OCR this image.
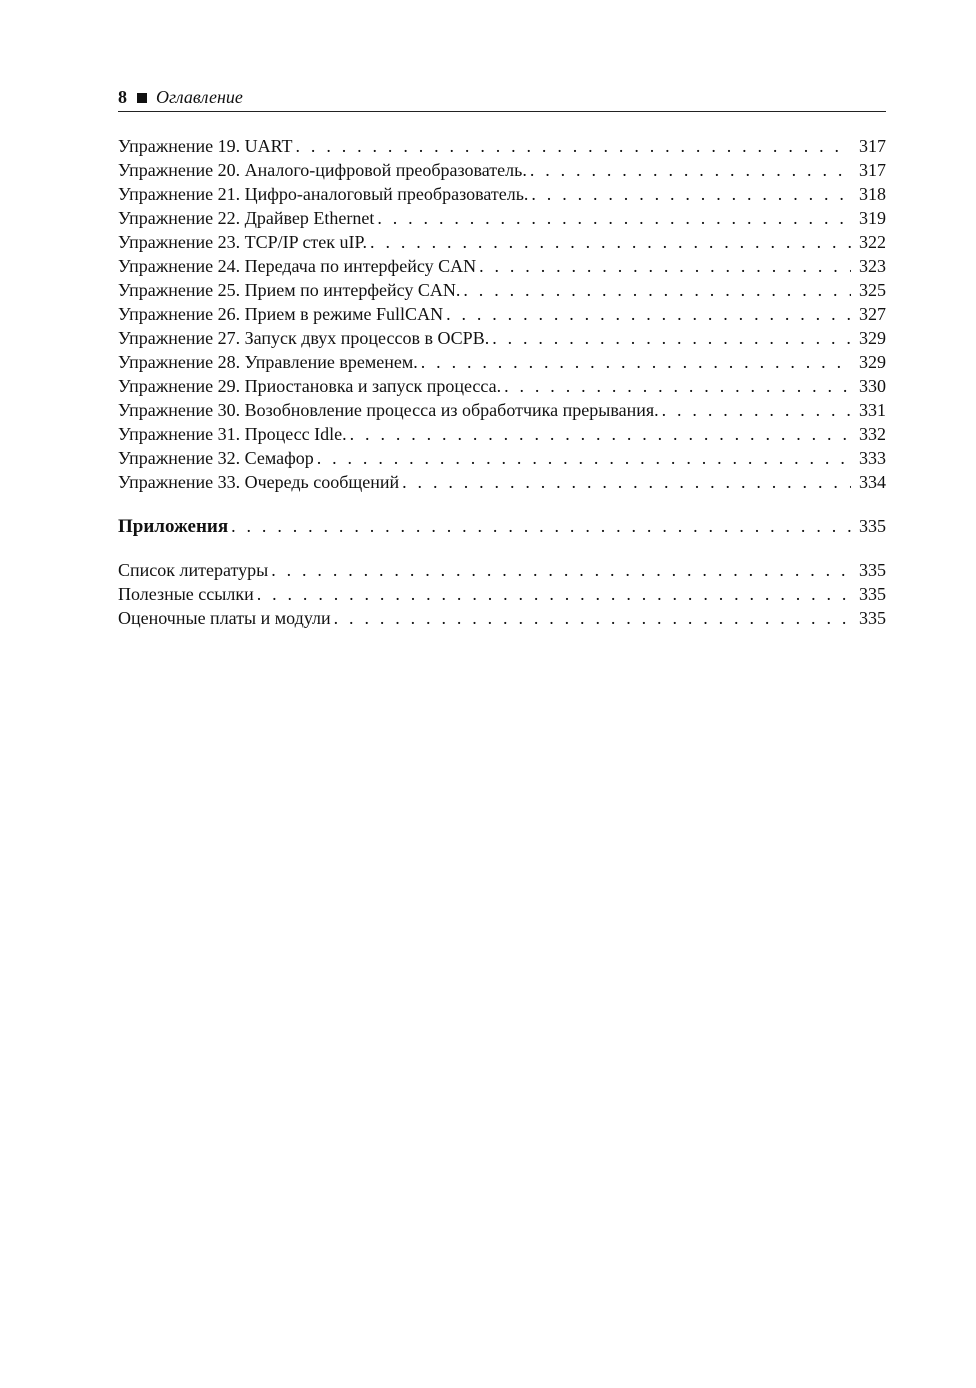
8 Оглавление
Упражнение 19. UART . . .	317
Упражнение 20. Аналого-цифровой преобразователь. . . .	317
Упражнение 21. Цифро-аналоговый преобразователь. . . .	318
Упражнение 22. Драйвер Ethernet . . .	319
Упражнение 23. TCP/IP стек uIP. . . .	322
Упражнение 24. Передача по интерфейсу CAN . . .	323
Упражнение 25. Прием по интерфейсу CAN. . . .	325
Упражнение 26. Прием в режиме FullCAN . . .	327
Упражнение 27. Запуск двух процессов в ОСРВ. . . .	329
Упражнение 28. Управление временем. . . .	329
Упражнение 29. Приостановка и запуск процесса. . . .	330
Упражнение 30. Возобновление процесса из обработчика прерывания. . . .	331
Упражнение 31. Процесс Idle. . . .	332
Упражнение 32. Семафор . . .	333
Упражнение 33. Очередь сообщений . . .	334
Приложения . . .	335
Список литературы . . .	335
Полезные ссылки . . .	335
Оценочные платы и модули . . .	335
